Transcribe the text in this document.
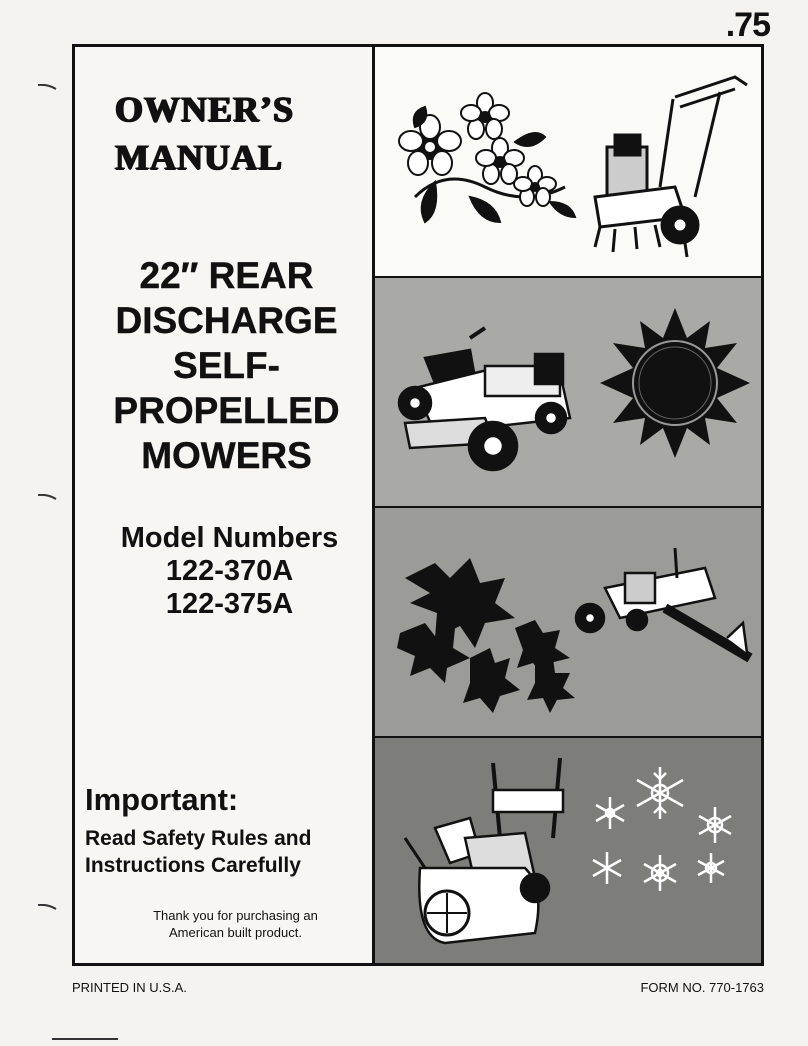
.75
OWNER’S
MANUAL
22″ REAR
DISCHARGE
SELF-
PROPELLED
MOWERS
Model Numbers
122-370A
122-375A
Important:
Read Safety Rules and
Instructions Carefully
Thank you for purchasing an
American built product.
PRINTED IN U.S.A.	FORM NO. 770-1763
